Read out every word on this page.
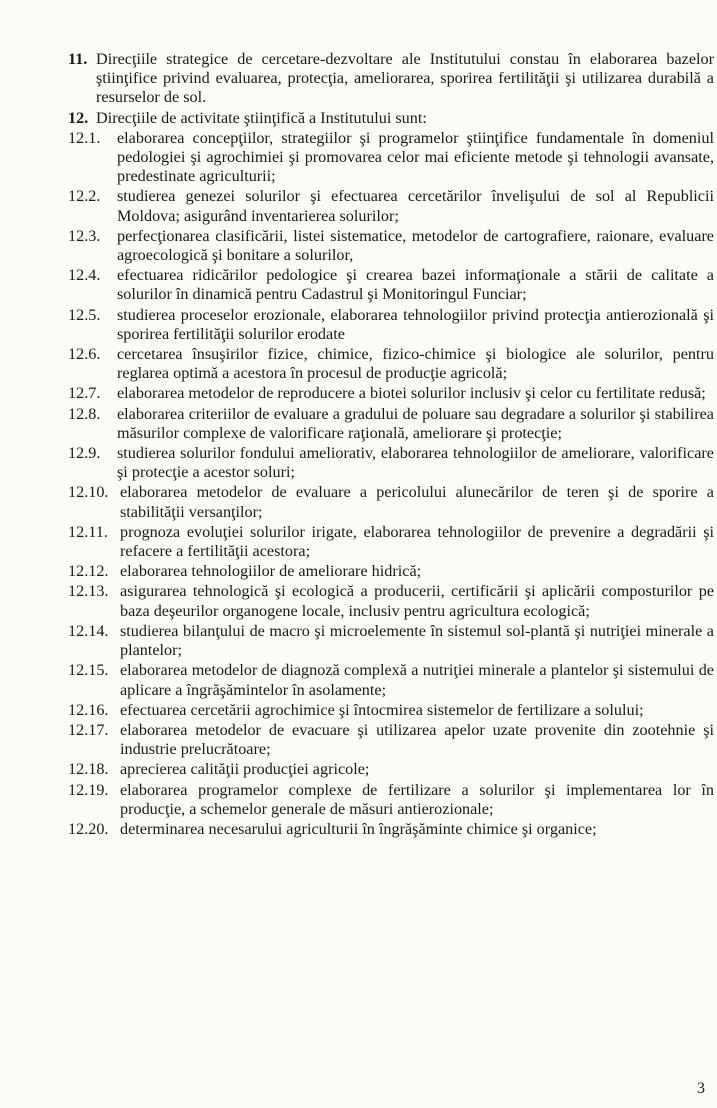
11. Direcţiile strategice de cercetare-dezvoltare ale Institutului constau în elaborarea bazelor ştiinţifice privind evaluarea, protecţia, ameliorarea, sporirea fertilităţii şi utilizarea durabilă a resurselor de sol.
12. Direcţiile de activitate ştiinţifică a Institutului sunt:
12.1.	elaborarea concepţiilor, strategiilor şi programelor ştiinţifice fundamentale în domeniul pedologiei şi agrochimiei şi promovarea celor mai eficiente metode şi tehnologii avansate, predestinate agriculturii;
12.2.	studierea genezei solurilor şi efectuarea cercetărilor învelişului de sol al Republicii Moldova; asigurând inventarierea solurilor;
12.3.	perfecţionarea clasificării, listei sistematice, metodelor de cartografiere, raionare, evaluare agroecologică şi bonitare a solurilor,
12.4.	efectuarea ridicărilor pedologice şi crearea bazei informaţionale a stării de calitate a solurilor în dinamică pentru Cadastrul şi Monitoringul Funciar;
12.5.	studierea proceselor erozionale, elaborarea tehnologiilor privind protecţia antierozională şi sporirea fertilităţii solurilor erodate
12.6.	cercetarea însuşirilor fizice, chimice, fizico-chimice şi biologice ale solurilor, pentru reglarea optimă a acestora în procesul de producţie agricolă;
12.7.	elaborarea metodelor de reproducere a biotei solurilor inclusiv şi celor cu fertilitate redusă;
12.8.	elaborarea criteriilor de evaluare a gradului de poluare sau degradare a solurilor şi stabilirea măsurilor complexe de valorificare raţională, ameliorare şi protecţie;
12.9.	studierea solurilor fondului ameliorativ, elaborarea tehnologiilor de ameliorare, valorificare şi protecţie a acestor soluri;
12.10. elaborarea metodelor de evaluare a pericolului alunecărilor de teren şi de sporire a stabilităţii versanţilor;
12.11. prognoza evoluţiei solurilor irigate, elaborarea tehnologiilor de prevenire a degradării şi refacere a fertilităţii acestora;
12.12. elaborarea tehnologiilor de ameliorare hidrică;
12.13. asigurarea tehnologică şi ecologică a producerii, certificării şi aplicării composturilor pe baza deşeurilor organogene locale, inclusiv pentru agricultura ecologică;
12.14. studierea bilanţului de macro şi microelemente în sistemul sol-plantă şi nutriţiei minerale a plantelor;
12.15. elaborarea metodelor de diagnoză complexă a nutriţiei minerale a plantelor şi sistemului de aplicare a îngrăşămintelor în asolamente;
12.16. efectuarea cercetării agrochimice şi întocmirea sistemelor de fertilizare a solului;
12.17. elaborarea metodelor de evacuare şi utilizarea apelor uzate provenite din zootehnie şi industrie prelucrătoare;
12.18. aprecierea calităţii producţiei agricole;
12.19. elaborarea programelor complexe de fertilizare a solurilor şi implementarea lor în producţie, a schemelor generale de măsuri antierozionale;
12.20. determinarea necesarului agriculturii în îngrăşăminte chimice şi organice;
3
